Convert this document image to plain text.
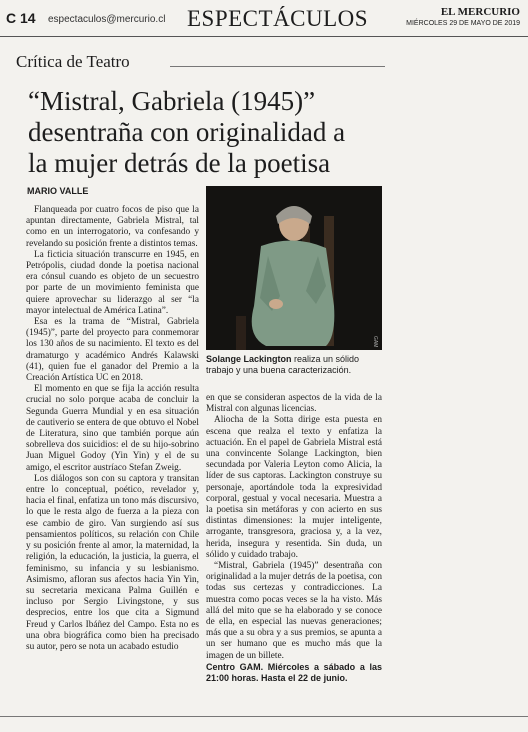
C 14 espectaculos@mercurio.cl ESPECTÁCULOS	EL MERCURIO
MIÉRCOLES 29 DE MAYO DE 2019
Crítica de Teatro
“Mistral, Gabriela (1945)”
desentraña con originalidad a
la mujer detrás de la poetisa
MARIO VALLE

Flanqueada por cuatro focos de piso que la apuntan directamente, Gabriela Mistral, tal como en un interrogatorio, va confesando y revelando su posición frente a distintos temas.

La ficticia situación transcurre en 1945, en Petrópolis, ciudad donde la poetisa nacional era cónsul cuando es objeto de un secuestro por parte de un movimiento feminista que quiere aprovechar su liderazgo al ser “la mayor intelectual de América Latina”.

Esa es la trama de “Mistral, Gabriela (1945)”, parte del proyecto para conmemorar los 130 años de su nacimiento. El texto es del dramaturgo y académico Andrés Kalawski (41), quien fue el ganador del Premio a la Creación Artística UC en 2018.

El momento en que se fija la acción resulta crucial no solo porque acaba de concluir la Segunda Guerra Mundial y en esa situación de cautiverio se entera de que obtuvo el Nobel de Literatura, sino que también porque aún sobrelleva dos suicidios: el de su hijo-sobrino Juan Miguel Godoy (Yin Yin) y el de su amigo, el escritor austríaco Stefan Zweig.

Los diálogos son con su captora y transitan entre lo conceptual, poético, revelador y, hacia el final, enfatiza un tono más discursivo, lo que le resta algo de fuerza a la pieza con ese cambio de giro. Van surgiendo así sus pensamientos políticos, su relación con Chile y su posición frente al amor, la maternidad, la religión, la educación, la justicia, la guerra, el feminismo, su infancia y su lesbianismo. Asimismo, afloran sus afectos hacia Yin Yin, su secretaria mexicana Palma Guillén e incluso por Sergio Livingstone, y sus desprecios, entre los que cita a Sigmund Freud y Carlos Ibáñez del Campo. Esta no es una obra biográfica como bien ha precisado su autor, pero se nota un acabado estudio

GAM
Solange Lackington realiza un sólido trabajo y una buena caracterización.

en que se consideran aspectos de la vida de la Mistral con algunas licencias.

Aliocha de la Sotta dirige esta puesta en escena que realza el texto y enfatiza la actuación. En el papel de Gabriela Mistral está una convincente Solange Lackington, bien secundada por Valeria Leyton como Alicia, la líder de sus captoras. Lackington construye su personaje, aportándole toda la expresividad corporal, gestual y vocal necesaria. Muestra a la poetisa sin metáforas y con acierto en sus distintas dimensiones: la mujer inteligente, arrogante, transgresora, graciosa y, a la vez, herida, insegura y resentida. Sin duda, un sólido y cuidado trabajo.

“Mistral, Gabriela (1945)” desentraña con originalidad a la mujer detrás de la poetisa, con todas sus certezas y contradicciones. La muestra como pocas veces se la ha visto. Más allá del mito que se ha elaborado y se conoce de ella, en especial las nuevas generaciones; más que a su obra y a sus premios, se apunta a un ser humano que es mucho más que la imagen de un billete.

Centro GAM. Miércoles a sábado a las 21:00 horas. Hasta el 22 de junio.
